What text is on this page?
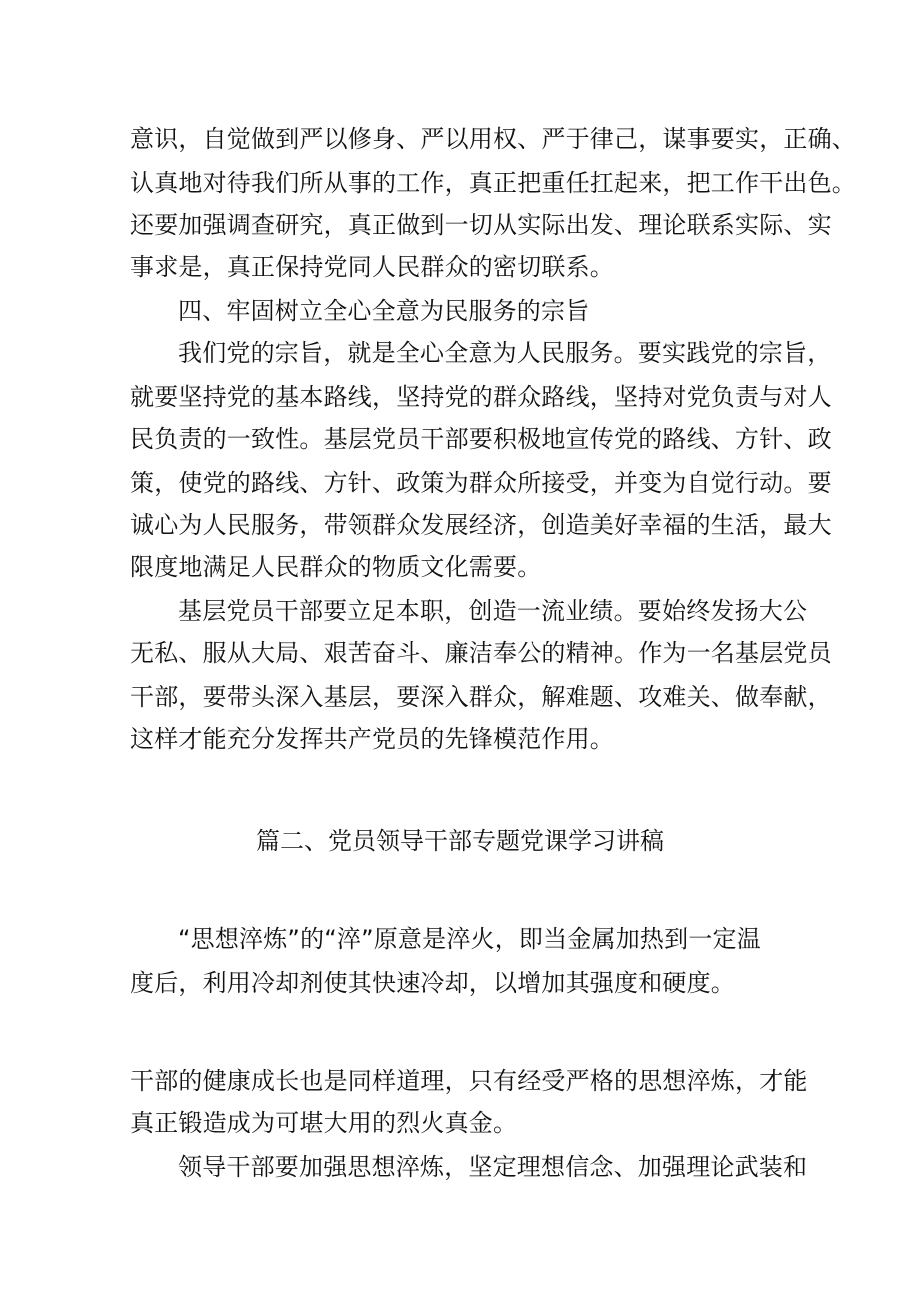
意识，自觉做到严以修身、严以用权、严于律己，谋事要实，正确、
认真地对待我们所从事的工作，真正把重任扛起来，把工作干出色。
还要加强调查研究，真正做到一切从实际出发、理论联系实际、实
事求是，真正保持党同人民群众的密切联系。
四、牢固树立全心全意为民服务的宗旨
我们党的宗旨，就是全心全意为人民服务。要实践党的宗旨，
就要坚持党的基本路线，坚持党的群众路线，坚持对党负责与对人
民负责的一致性。基层党员干部要积极地宣传党的路线、方针、政
策，使党的路线、方针、政策为群众所接受，并变为自觉行动。要
诚心为人民服务，带领群众发展经济，创造美好幸福的生活，最大
限度地满足人民群众的物质文化需要。
基层党员干部要立足本职，创造一流业绩。要始终发扬大公
无私、服从大局、艰苦奋斗、廉洁奉公的精神。作为一名基层党员
干部，要带头深入基层，要深入群众，解难题、攻难关、做奉献，
这样才能充分发挥共产党员的先锋模范作用。
篇二、党员领导干部专题党课学习讲稿
“思想淬炼”的“淬”原意是淬火，即当金属加热到一定温
度后，利用冷却剂使其快速冷却，以增加其强度和硬度。
干部的健康成长也是同样道理，只有经受严格的思想淬炼，才能
真正锻造成为可堪大用的烈火真金。
领导干部要加强思想淬炼，坚定理想信念、加强理论武装和
